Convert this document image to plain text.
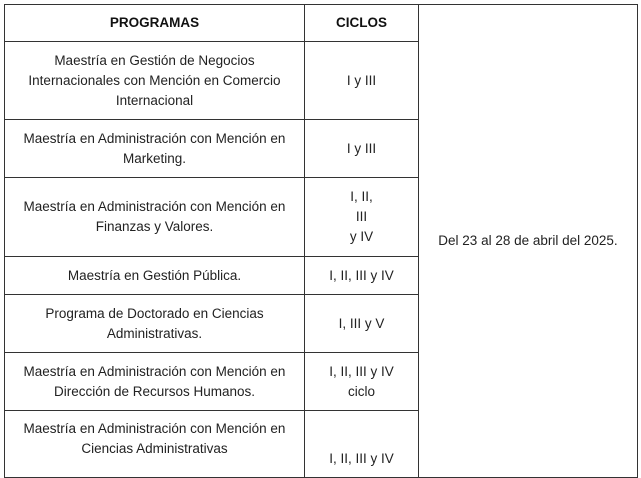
PROGRAMAS	CICLOS	Del 23 al 28 de abril del 2025.
Maestría en Gestión de Negocios Internacionales con Mención en Comercio Internacional	I y III	

Maestría en Administración con Mención en Marketing.	I y III	

Maestría en Administración con Mención en Finanzas y Valores.	I, II,
III
y IV	

Maestría en Gestión Pública.	I, II, III y IV	

Programa de Doctorado en Ciencias Administrativas.	I, III y V	

Maestría en Administración con Mención en Dirección de Recursos Humanos.	I, II, III y IV
ciclo	

Maestría en Administración con Mención en Ciencias Administrativas	I, II, III y IV	
